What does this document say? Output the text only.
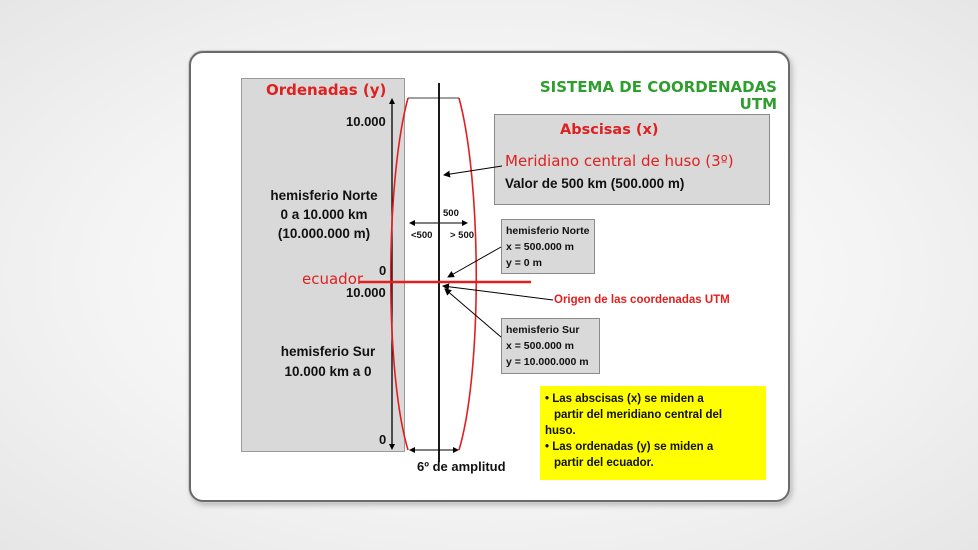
SISTEMA DE COORDENADAS
UTM
Ordenadas (y)
10.000
hemisferio Norte
0 a 10.000 km
(10.000.000 m)
0
10.000
hemisferio Sur
10.000 km a 0
0
ecuador
Abscisas (x)
Meridiano central de huso (3º)
Valor de 500 km (500.000 m)
500
<500 > 500	hemisferio Norte
x = 500.000 m
y = 0 m
Origen de las coordenadas UTM
hemisferio Sur
x = 500.000 m
y = 10.000.000 m
6º de amplitud
• Las abscisas (x) se miden a
partir del meridiano central del
huso.
• Las ordenadas (y) se miden a
partir del ecuador.
